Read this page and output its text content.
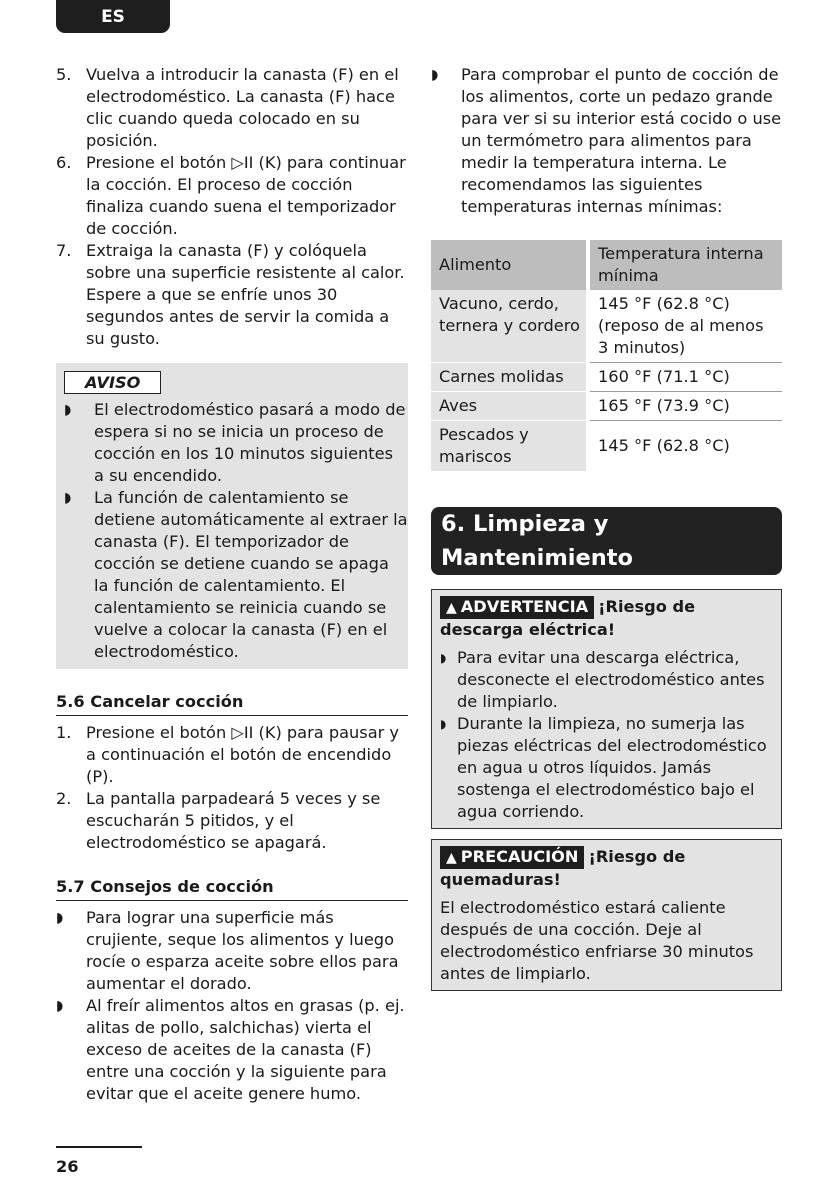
ES
5. Vuelva a introducir la canasta (F) en el electrodoméstico. La canasta (F) hace clic cuando queda colocado en su posición.
6. Presione el botón ▷II (K) para continuar la cocción. El proceso de cocción finaliza cuando suena el temporizador de cocción.
7. Extraiga la canasta (F) y colóquela sobre una superficie resistente al calor. Espere a que se enfríe unos 30 segundos antes de servir la comida a su gusto.
AVISO
◗ El electrodoméstico pasará a modo de espera si no se inicia un proceso de cocción en los 10 minutos siguientes a su encendido.
◗ La función de calentamiento se detiene automáticamente al extraer la canasta (F). El temporizador de cocción se detiene cuando se apaga la función de calentamiento. El calentamiento se reinicia cuando se vuelve a colocar la canasta (F) en el electrodoméstico.
5.6 Cancelar cocción
1. Presione el botón ▷II (K) para pausar y a continuación el botón de encendido (P).
2. La pantalla parpadeará 5 veces y se escucharán 5 pitidos, y el electrodoméstico se apagará.
5.7 Consejos de cocción
◗ Para lograr una superficie más crujiente, seque los alimentos y luego rocíe o esparza aceite sobre ellos para aumentar el dorado.
◗ Al freír alimentos altos en grasas (p. ej. alitas de pollo, salchichas) vierta el exceso de aceites de la canasta (F) entre una cocción y la siguiente para evitar que el aceite genere humo.
◗ Para comprobar el punto de cocción de los alimentos, corte un pedazo grande para ver si su interior está cocido o use un termómetro para alimentos para medir la temperatura interna. Le recomendamos las siguientes temperaturas internas mínimas:
Alimento	Temperatura interna mínima
Vacuno, cerdo, ternera y cordero	145 °F (62.8 °C) (reposo de al menos 3 minutos)
Carnes molidas	160 °F (71.1 °C)
Aves	165 °F (73.9 °C)
Pescados y mariscos	145 °F (62.8 °C)
6. Limpieza y Mantenimiento
▲ ADVERTENCIA ¡Riesgo de descarga eléctrica!
◗ Para evitar una descarga eléctrica, desconecte el electrodoméstico antes de limpiarlo.
◗ Durante la limpieza, no sumerja las piezas eléctricas del electrodoméstico en agua u otros líquidos. Jamás sostenga el electrodoméstico bajo el agua corriendo.
▲ PRECAUCIÓN ¡Riesgo de quemaduras!
El electrodoméstico estará caliente después de una cocción. Deje al electrodoméstico enfriarse 30 minutos antes de limpiarlo.
26
